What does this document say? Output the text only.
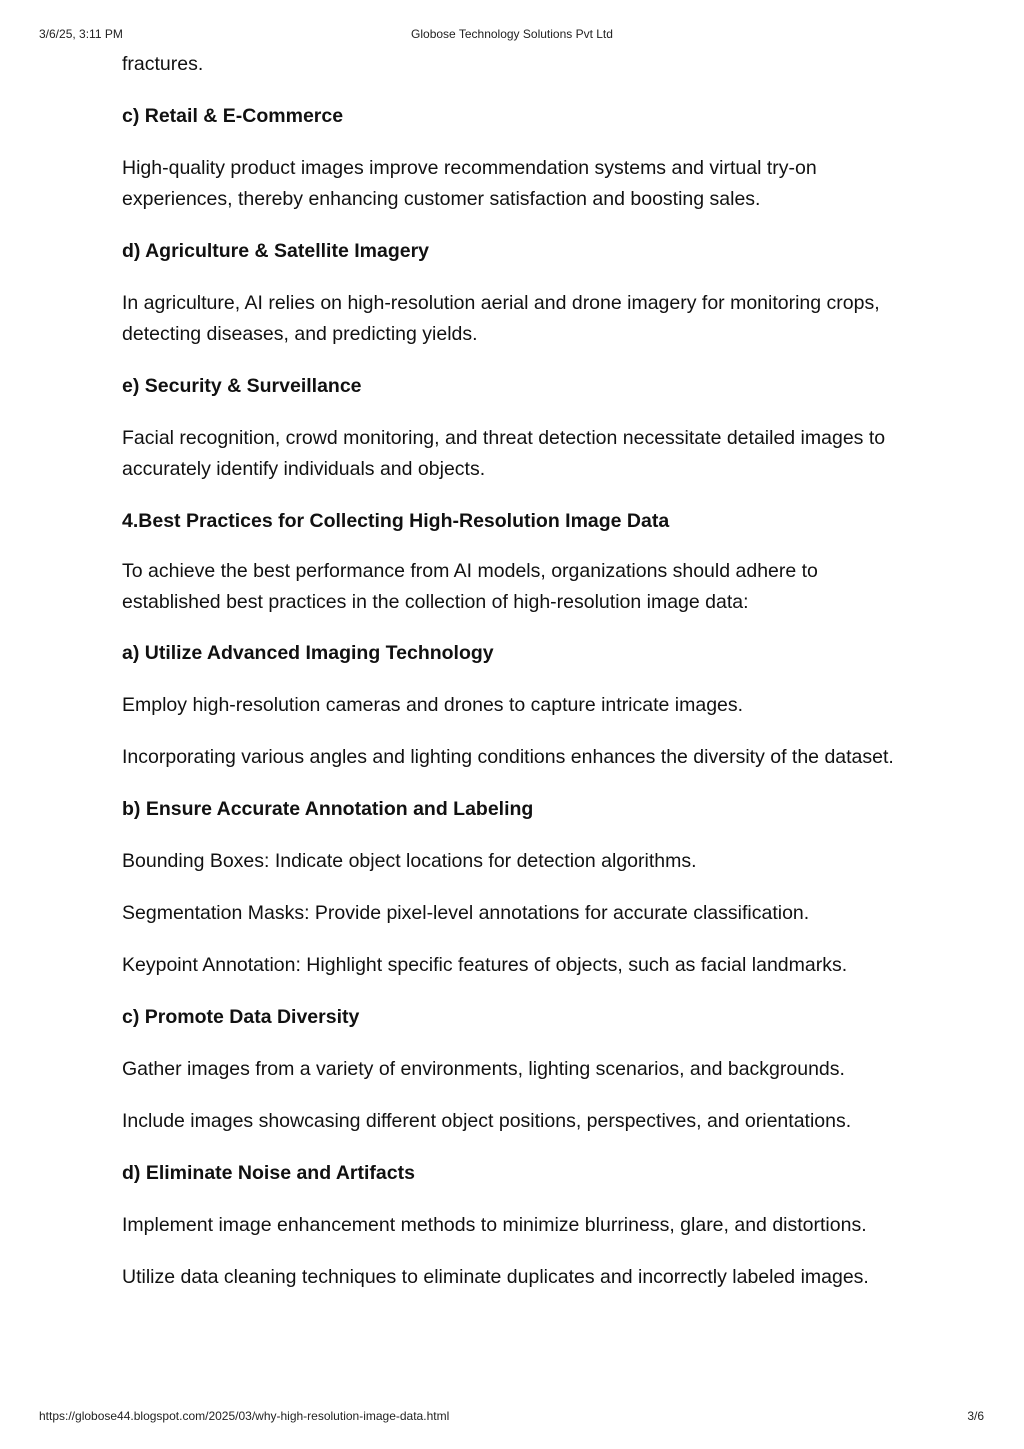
3/6/25, 3:11 PM	Globose Technology Solutions Pvt Ltd

fractures.

c) Retail & E-Commerce

High-quality product images improve recommendation systems and virtual try-on experiences, thereby enhancing customer satisfaction and boosting sales.

d) Agriculture & Satellite Imagery

In agriculture, AI relies on high-resolution aerial and drone imagery for monitoring crops, detecting diseases, and predicting yields.

e) Security & Surveillance

Facial recognition, crowd monitoring, and threat detection necessitate detailed images to accurately identify individuals and objects.

4.Best Practices for Collecting High-Resolution Image Data

To achieve the best performance from AI models, organizations should adhere to established best practices in the collection of high-resolution image data:

a) Utilize Advanced Imaging Technology

Employ high-resolution cameras and drones to capture intricate images.

Incorporating various angles and lighting conditions enhances the diversity of the dataset.

b) Ensure Accurate Annotation and Labeling

Bounding Boxes: Indicate object locations for detection algorithms.

Segmentation Masks: Provide pixel-level annotations for accurate classification.

Keypoint Annotation: Highlight specific features of objects, such as facial landmarks.

c) Promote Data Diversity

Gather images from a variety of environments, lighting scenarios, and backgrounds.

Include images showcasing different object positions, perspectives, and orientations.

d) Eliminate Noise and Artifacts

Implement image enhancement methods to minimize blurriness, glare, and distortions.

Utilize data cleaning techniques to eliminate duplicates and incorrectly labeled images.

https://globose44.blogspot.com/2025/03/why-high-resolution-image-data.html	3/6
